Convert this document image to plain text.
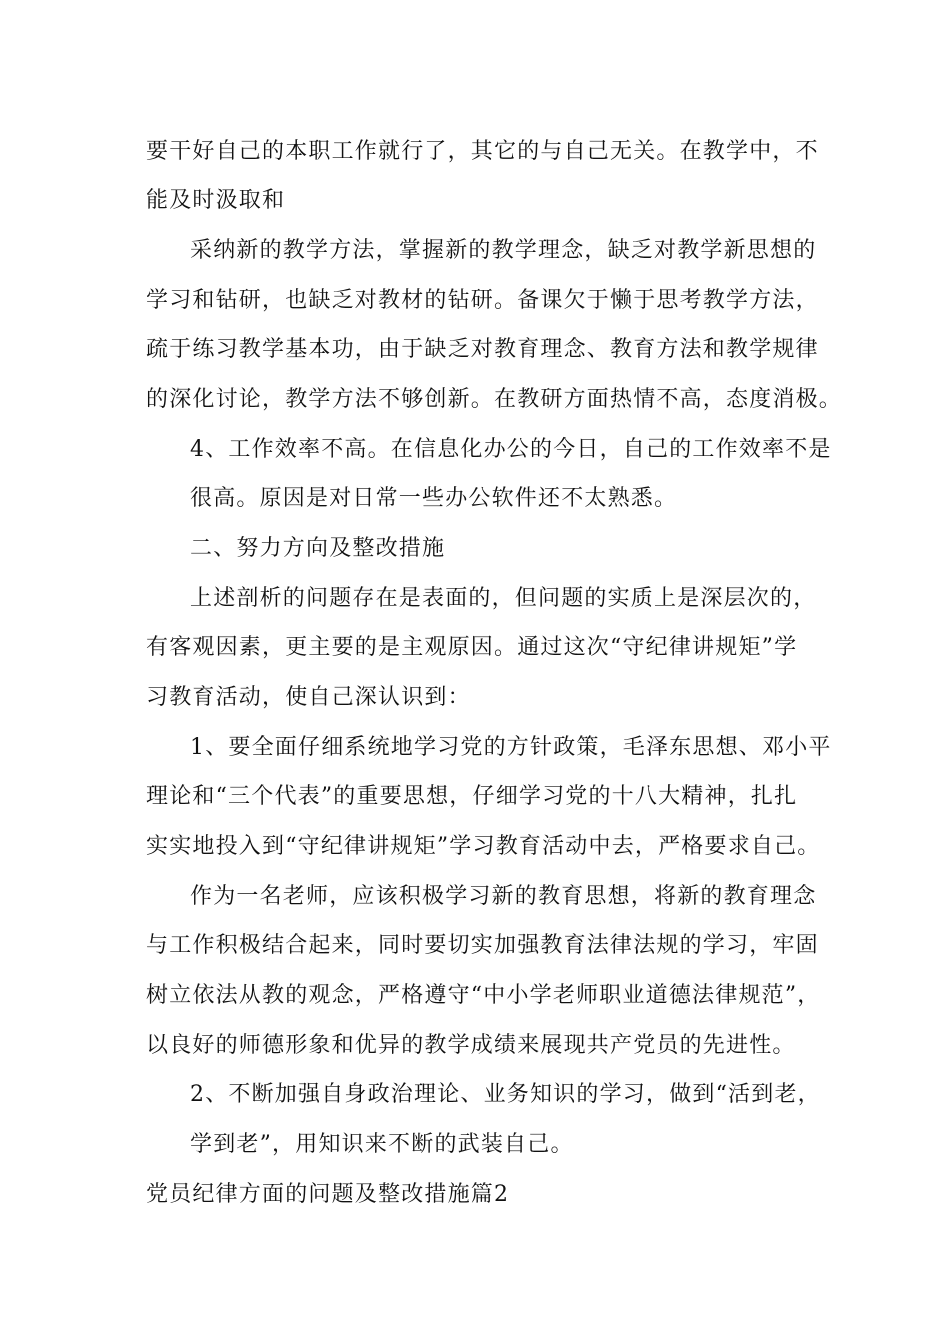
要干好自己的本职工作就行了，其它的与自己无关。在教学中，不
能及时汲取和
采纳新的教学方法，掌握新的教学理念，缺乏对教学新思想的
学习和钻研，也缺乏对教材的钻研。备课欠于懒于思考教学方法，
疏于练习教学基本功，由于缺乏对教育理念、教育方法和教学规律
的深化讨论，教学方法不够创新。在教研方面热情不高，态度消极。
4、工作效率不高。在信息化办公的今日，自己的工作效率不是
很高。原因是对日常一些办公软件还不太熟悉。
二、努力方向及整改措施
上述剖析的问题存在是表面的，但问题的实质上是深层次的，
有客观因素，更主要的是主观原因。通过这次“守纪律讲规矩”学
习教育活动，使自己深认识到：
1、要全面仔细系统地学习党的方针政策，毛泽东思想、邓小平
理论和“三个代表”的重要思想，仔细学习党的十八大精神，扎扎
实实地投入到“守纪律讲规矩”学习教育活动中去，严格要求自己。
作为一名老师，应该积极学习新的教育思想，将新的教育理念
与工作积极结合起来，同时要切实加强教育法律法规的学习，牢固
树立依法从教的观念，严格遵守“中小学老师职业道德法律规范”，
以良好的师德形象和优异的教学成绩来展现共产党员的先进性。
2、不断加强自身政治理论、业务知识的学习，做到“活到老，
学到老”，用知识来不断的武装自己。
党员纪律方面的问题及整改措施篇2
